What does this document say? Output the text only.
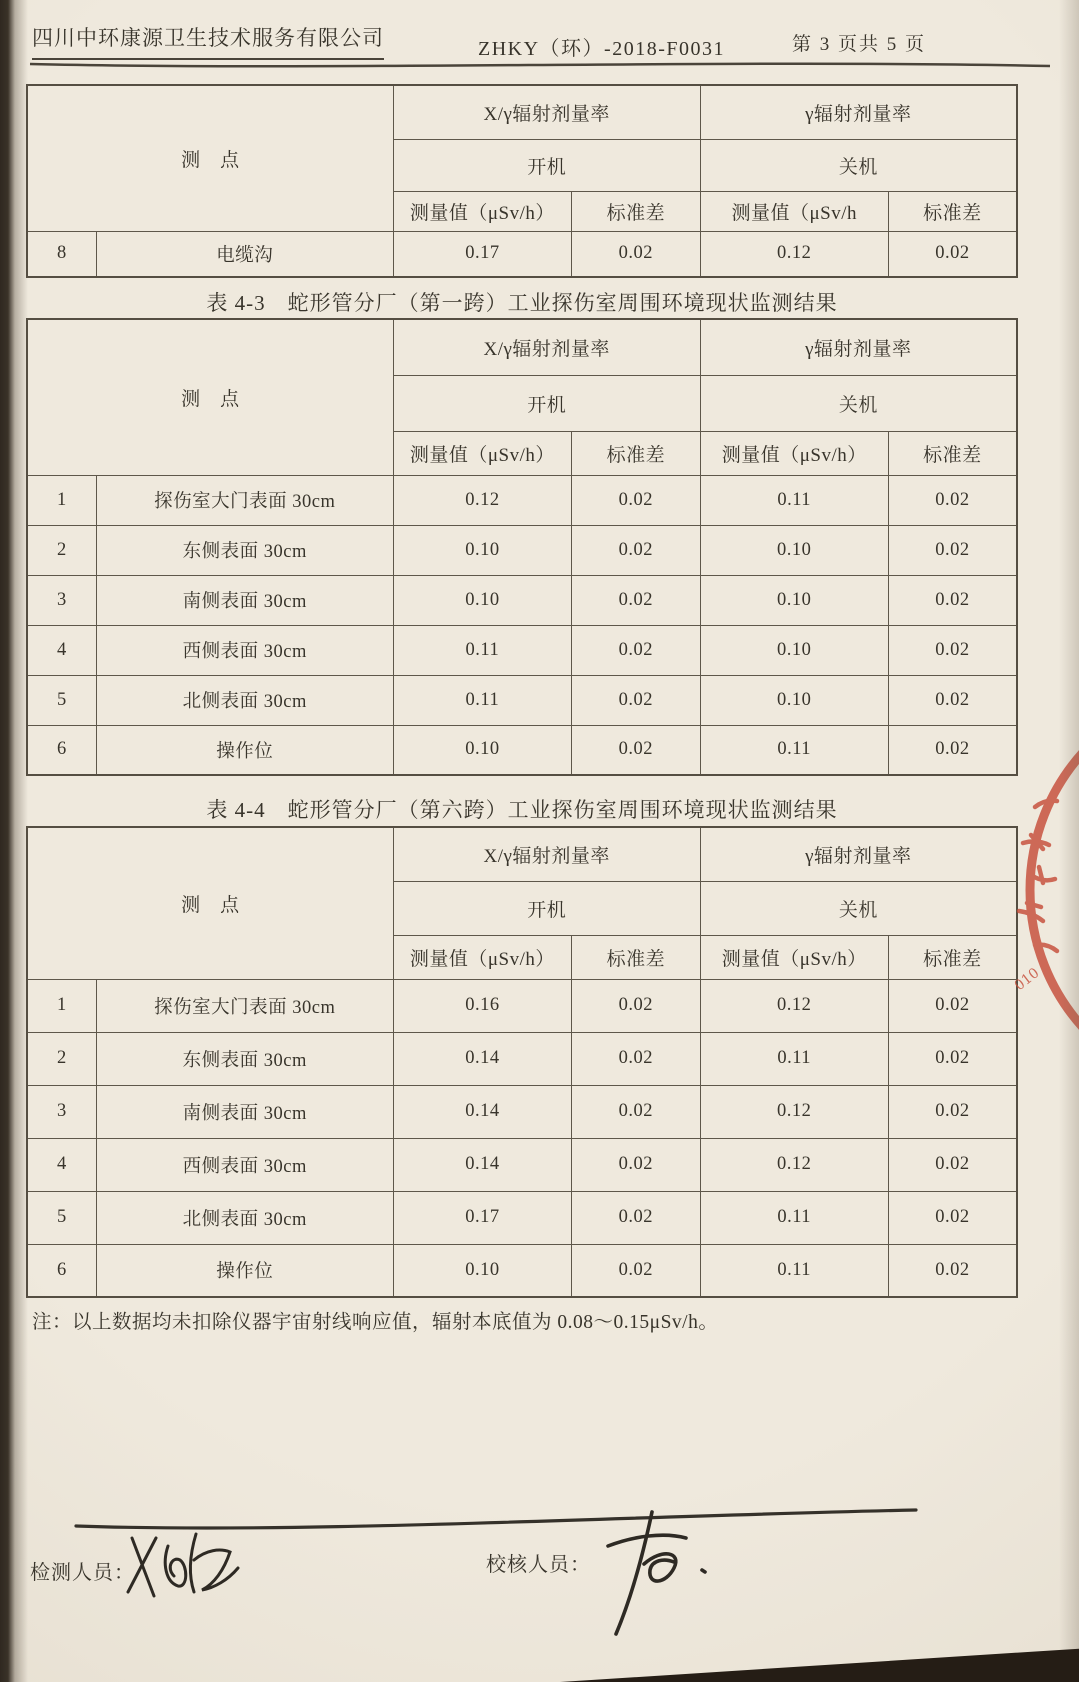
四川中环康源卫生技术服务有限公司	ZHKY（环）-2018-F0031	第 3 页共 5 页
测　点		X/γ辐射剂量率		γ辐射剂量率	
		开机		关机	
		测量值（μSv/h）	标准差	测量值（μSv/h	标准差
8	电缆沟	0.17	0.02	0.12	0.02
表 4-3　蛇形管分厂（第一跨）工业探伤室周围环境现状监测结果
测　点		X/γ辐射剂量率		γ辐射剂量率	
		开机		关机	
		测量值（μSv/h）	标准差	测量值（μSv/h）	标准差
1	探伤室大门表面 30cm	0.12	0.02	0.11	0.02
2	东侧表面 30cm	0.10	0.02	0.10	0.02
3	南侧表面 30cm	0.10	0.02	0.10	0.02
4	西侧表面 30cm	0.11	0.02	0.10	0.02
5	北侧表面 30cm	0.11	0.02	0.10	0.02
6	操作位	0.10	0.02	0.11	0.02
表 4-4　蛇形管分厂（第六跨）工业探伤室周围环境现状监测结果
测　点		X/γ辐射剂量率		γ辐射剂量率	
		开机		关机	
		测量值（μSv/h）	标准差	测量值（μSv/h）	标准差
1	探伤室大门表面 30cm	0.16	0.02	0.12	0.02
2	东侧表面 30cm	0.14	0.02	0.11	0.02
3	南侧表面 30cm	0.14	0.02	0.12	0.02
4	西侧表面 30cm	0.14	0.02	0.12	0.02
5	北侧表面 30cm	0.17	0.02	0.11	0.02
6	操作位	0.10	0.02	0.11	0.02
注：以上数据均未扣除仪器宇宙射线响应值，辐射本底值为 0.08～0.15μSv/h。
检测人员：	校核人员：
010
